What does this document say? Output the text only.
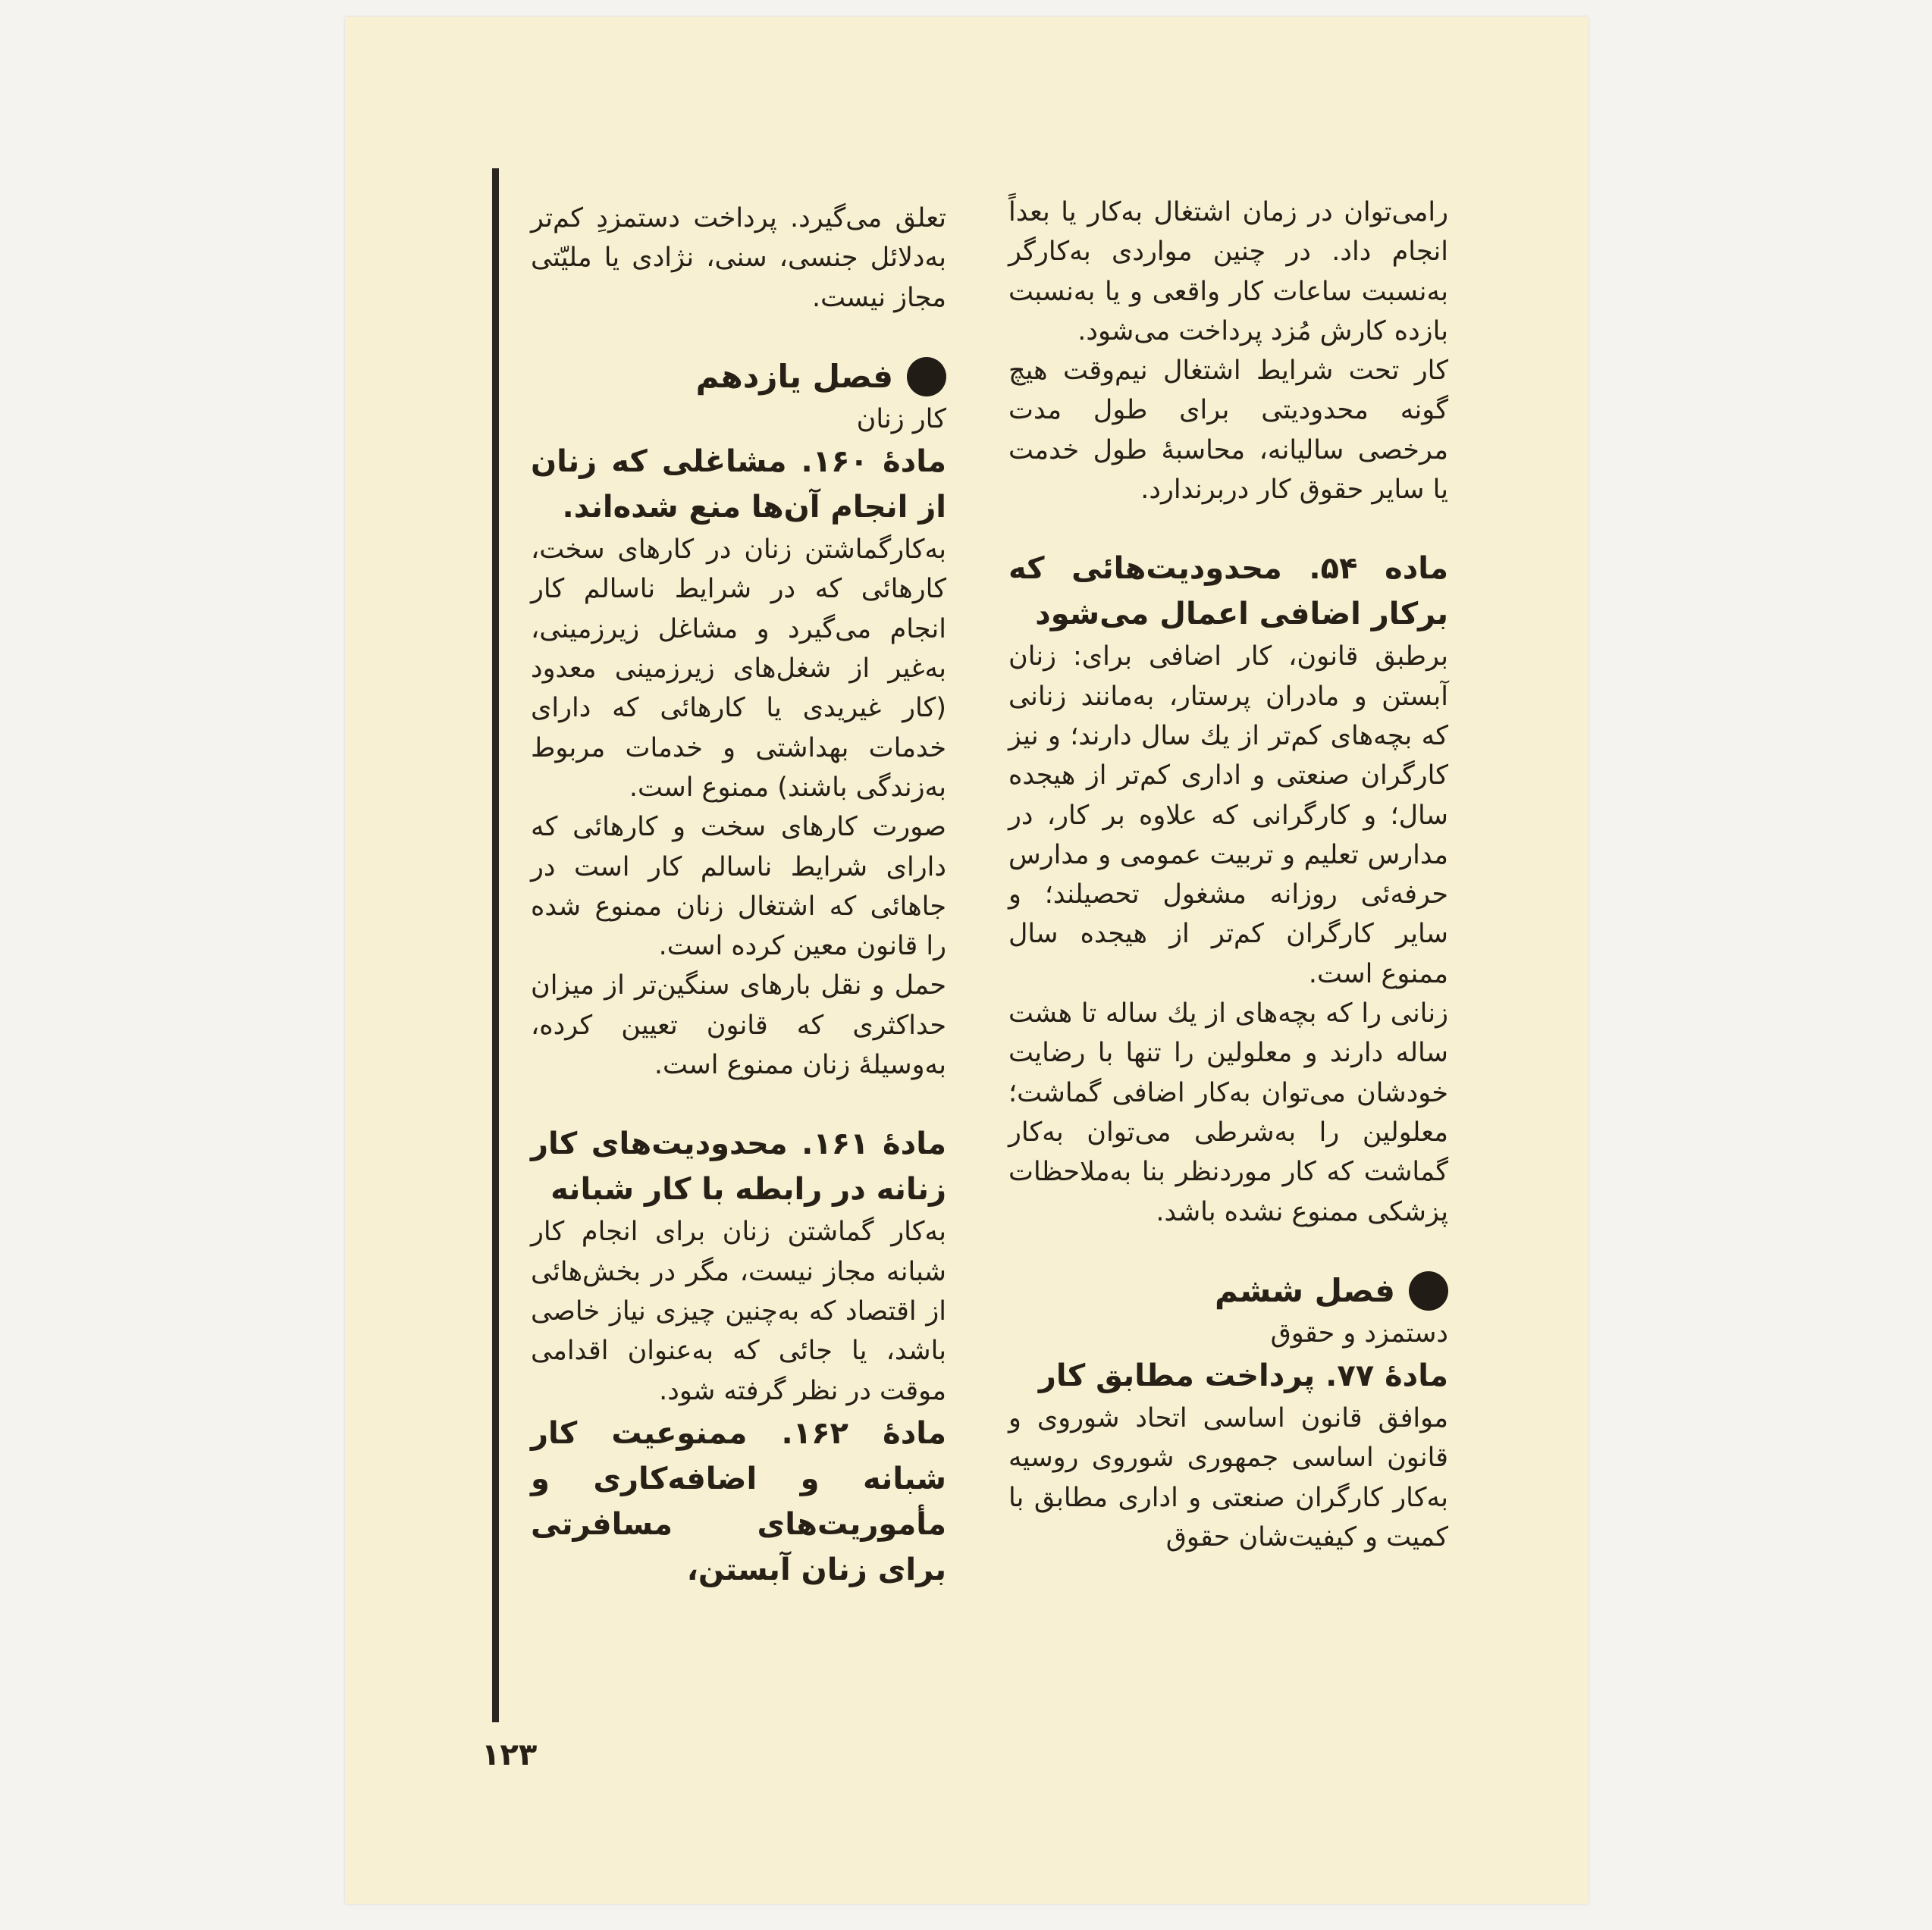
رامی‌توان در زمان اشتغال به‌کار یا بعداً انجام داد. در چنین مواردی به‌کارگر به‌نسبت ساعات کار واقعی و یا به‌نسبت بازده کارش مُزد پرداخت می‌شود.

کار تحت شرایط اشتغال نیم‌وقت هیچ گونه محدودیتی برای طول مدت مرخصی سالیانه، محاسبهٔ طول خدمت یا سایر حقوق کار دربرندارد.

ماده ۵۴. محدودیت‌هائی که برکار اضافی اعمال می‌شود

برطبق قانون، کار اضافی برای: زنان آبستن و مادران پرستار، به‌مانند زنانی که بچه‌های کم‌تر از یك سال دارند؛ و نیز کارگران صنعتی و اداری کم‌تر از هیجده سال؛ و کارگرانی که علاوه بر کار، در مدارس تعلیم و تربیت عمومی و مدارس حرفه‌ئی روزانه مشغول تحصیلند؛ و سایر کارگران کم‌تر از هیجده سال ممنوع است.

زنانی را که بچه‌های از یك ساله تا هشت ساله دارند و معلولین را تنها با رضایت خودشان می‌توان به‌کار اضافی گماشت؛ معلولین را به‌شرطی می‌توان به‌کار گماشت که کار موردنظر بنا به‌ملاحظات پزشکی ممنوع نشده باشد.

فصل ششم

دستمزد و حقوق

مادهٔ ۷۷. پرداخت مطابق کار

موافق قانون اساسی اتحاد شوروی و قانون اساسی جمهوری شوروی روسیه به‌کار کارگران صنعتی و اداری مطابق با کمیت و کیفیت‌شان حقوق

تعلق می‌گیرد. پرداخت دستمزدِ کم‌تر به‌دلائل جنسی، سنی، نژادی یا ملیّتی مجاز نیست.

فصل یازدهم

کار زنان

مادهٔ ۱۶۰. مشاغلی که زنان از انجام آن‌ها منع شده‌اند.

به‌کارگماشتن زنان در کارهای سخت، کارهائی که در شرایط ناسالم کار انجام می‌گیرد و مشاغل زیرزمینی، به‌غیر از شغل‌های زیرزمینی معدود (کار غیریدی یا کارهائی که دارای خدمات بهداشتی و خدمات مربوط به‌زندگی باشند) ممنوع است.

صورت کارهای سخت و کارهائی که دارای شرایط ناسالم کار است در جاهائی که اشتغال زنان ممنوع شده را قانون معین کرده است.

حمل و نقل بارهای سنگین‌تر از میزان حداکثری که قانون تعیین کرده، به‌وسیلهٔ زنان ممنوع است.

مادهٔ ۱۶۱. محدودیت‌های کار زنانه در رابطه با کار شبانه

به‌کار گماشتن زنان برای انجام کار شبانه مجاز نیست، مگر در بخش‌هائی از اقتصاد که به‌چنین چیزی نیاز خاصی باشد، یا جائی که به‌عنوان اقدامی موقت در نظر گرفته شود.

مادهٔ ۱۶۲. ممنوعیت کار شبانه و اضافه‌کاری و مأموریت‌های مسافرتی برای زنان آبستن،
۱۲۳
